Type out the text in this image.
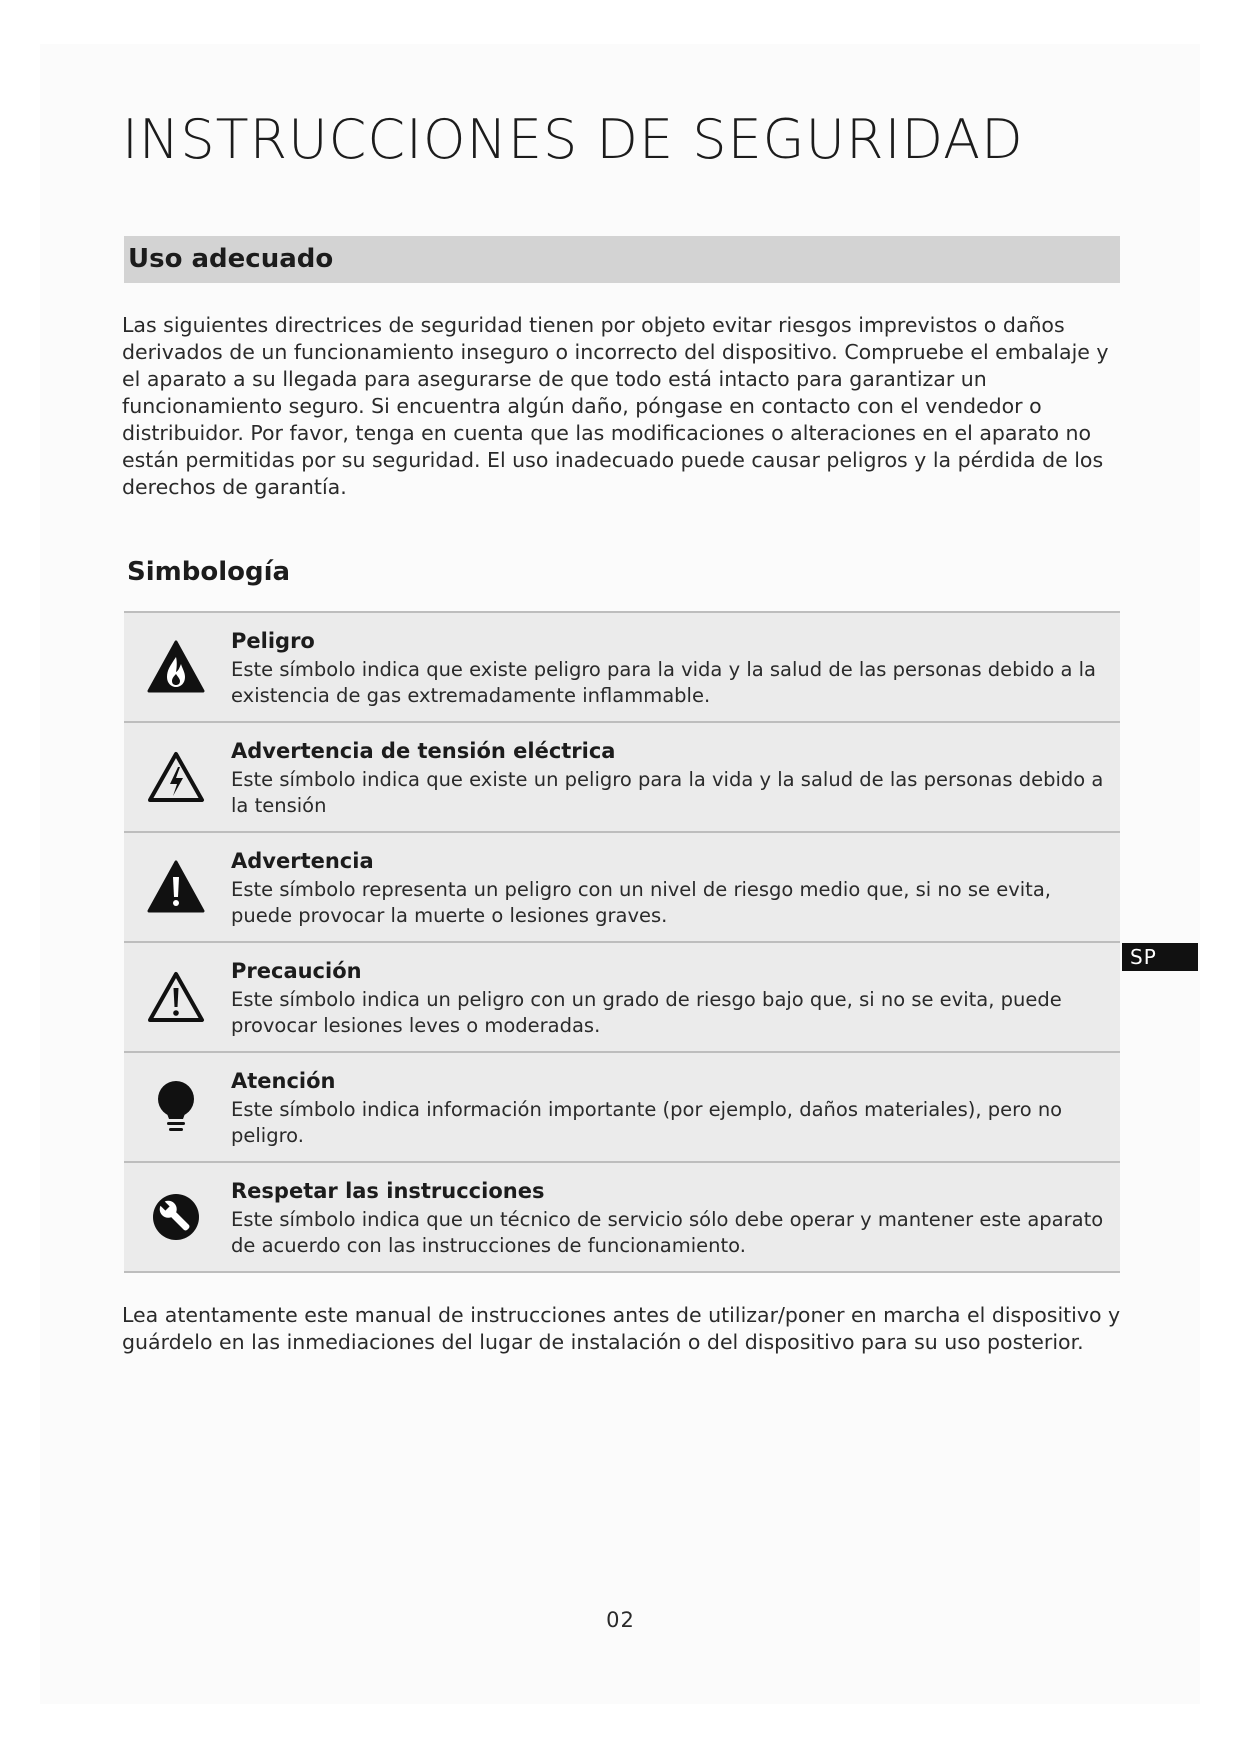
INSTRUCCIONES DE SEGURIDAD
Uso adecuado

Las siguientes directrices de seguridad tienen por objeto evitar riesgos imprevistos o daños derivados de un funcionamiento inseguro o incorrecto del dispositivo. Compruebe el embalaje y el aparato a su llegada para asegurarse de que todo está intacto para garantizar un funcionamiento seguro. Si encuentra algún daño, póngase en contacto con el vendedor o distribuidor. Por favor, tenga en cuenta que las modificaciones o alteraciones en el aparato no están permitidas por su seguridad. El uso inadecuado puede causar peligros y la pérdida de los derechos de garantía.

Simbología

Peligro

Este símbolo indica que existe peligro para la vida y la salud de las personas debido a la existencia de gas extremadamente inflammable.

Advertencia de tensión eléctrica

Este símbolo indica que existe un peligro para la vida y la salud de las personas debido a la tensión

Advertencia

Este símbolo representa un peligro con un nivel de riesgo medio que, si no se evita, puede provocar la muerte o lesiones graves.

Precaución

Este símbolo indica un peligro con un grado de riesgo bajo que, si no se evita, puede provocar lesiones leves o moderadas.

Atención

Este símbolo indica información importante (por ejemplo, daños materiales), pero no peligro.

Respetar las instrucciones

Este símbolo indica que un técnico de servicio sólo debe operar y mantener este aparato de acuerdo con las instrucciones de funcionamiento.

Lea atentamente este manual de instrucciones antes de utilizar/poner en marcha el dispositivo y guárdelo en las inmediaciones del lugar de instalación o del dispositivo para su uso posterior.

SP
02
